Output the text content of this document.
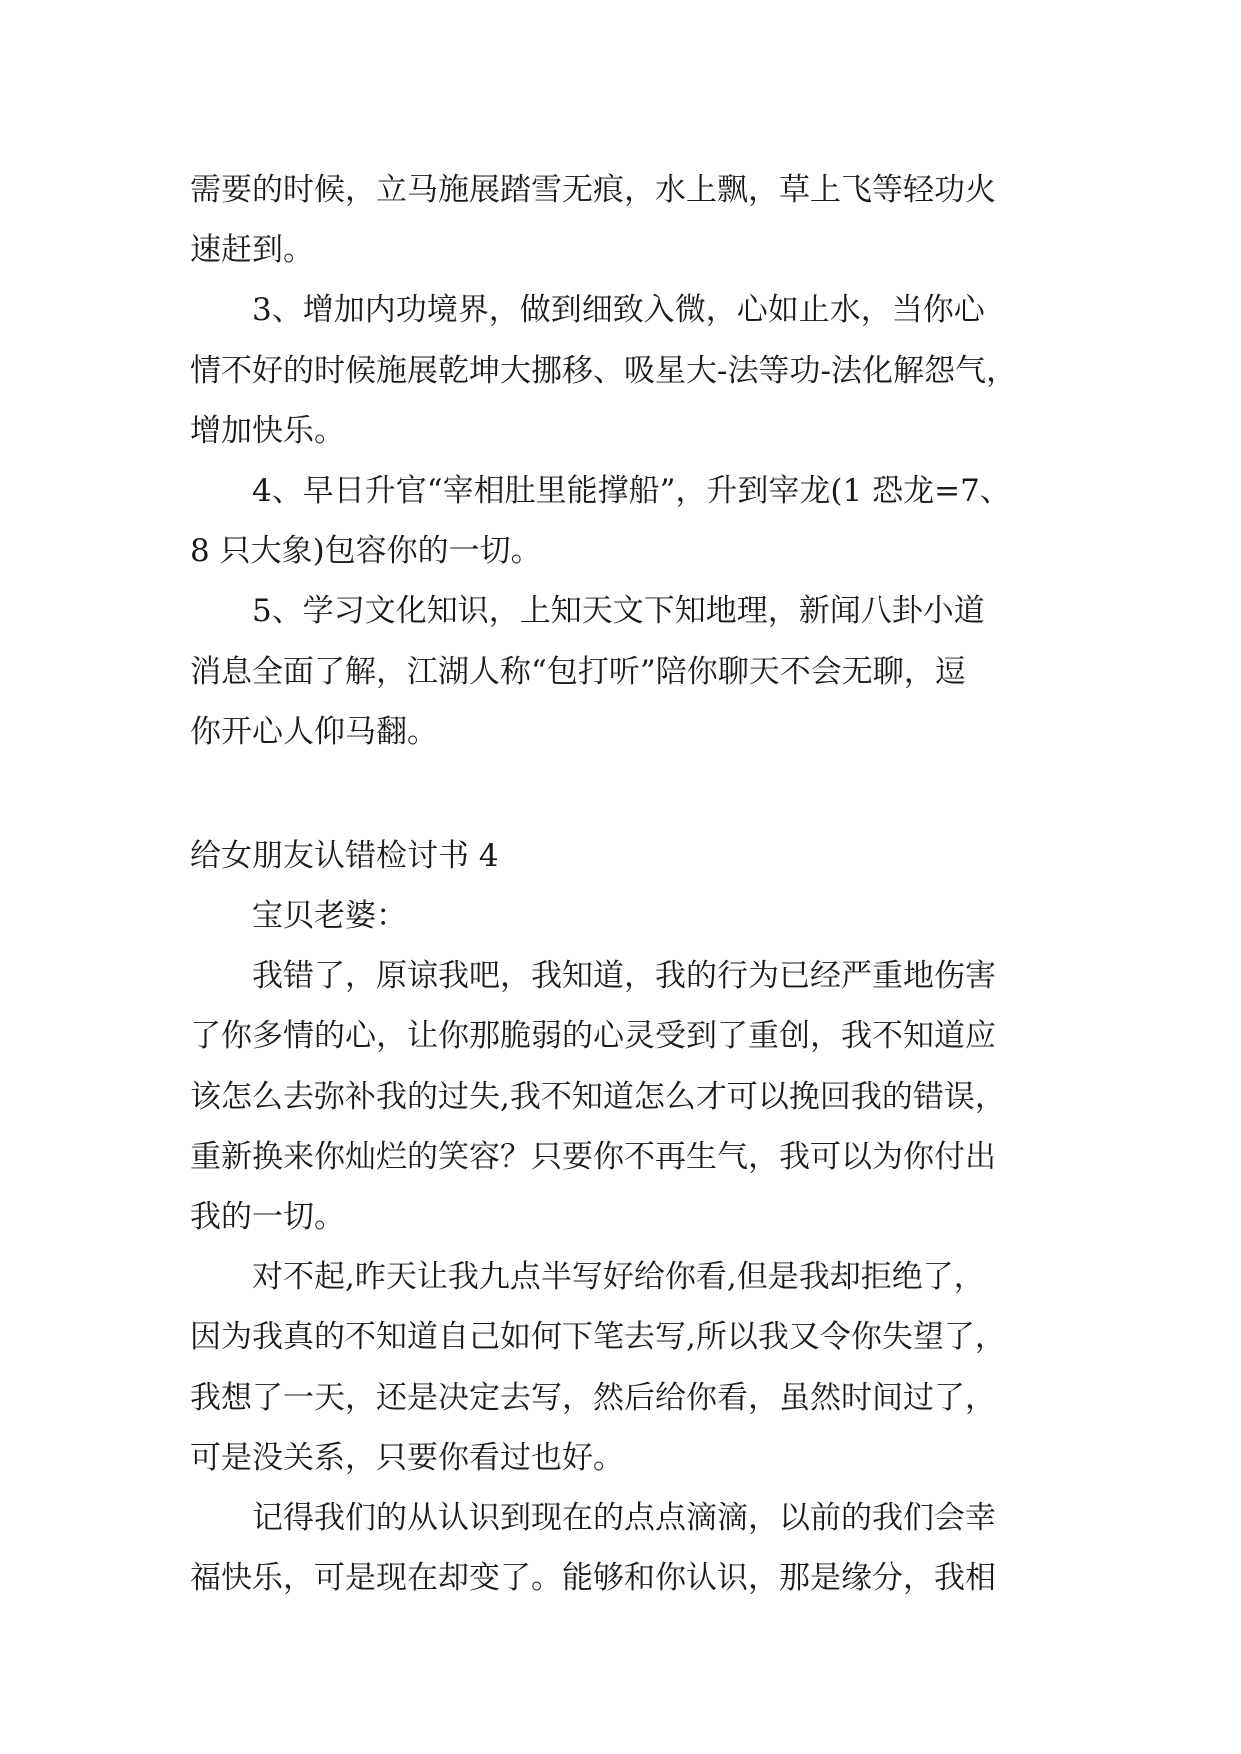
需要的时候，立马施展踏雪无痕，水上飘，草上飞等轻功火
速赶到。
3、增加内功境界，做到细致入微，心如止水，当你心
情不好的时候施展乾坤大挪移、吸星大-法等功-法化解怨气，
增加快乐。
4、早日升官“宰相肚里能撑船”，升到宰龙(1 恐龙=7、
8 只大象)包容你的一切。
5、学习文化知识，上知天文下知地理，新闻八卦小道
消息全面了解，江湖人称“包打听”陪你聊天不会无聊，逗
你开心人仰马翻。
给女朋友认错检讨书 4
宝贝老婆：
我错了，原谅我吧，我知道，我的行为已经严重地伤害
了你多情的心，让你那脆弱的心灵受到了重创，我不知道应
该怎么去弥补我的过失,我不知道怎么才可以挽回我的错误，
重新换来你灿烂的笑容？只要你不再生气，我可以为你付出
我的一切。
对不起,昨天让我九点半写好给你看,但是我却拒绝了，
因为我真的不知道自己如何下笔去写,所以我又令你失望了，
我想了一天，还是决定去写，然后给你看，虽然时间过了，
可是没关系，只要你看过也好。
记得我们的从认识到现在的点点滴滴，以前的我们会幸
福快乐，可是现在却变了。能够和你认识，那是缘分，我相
